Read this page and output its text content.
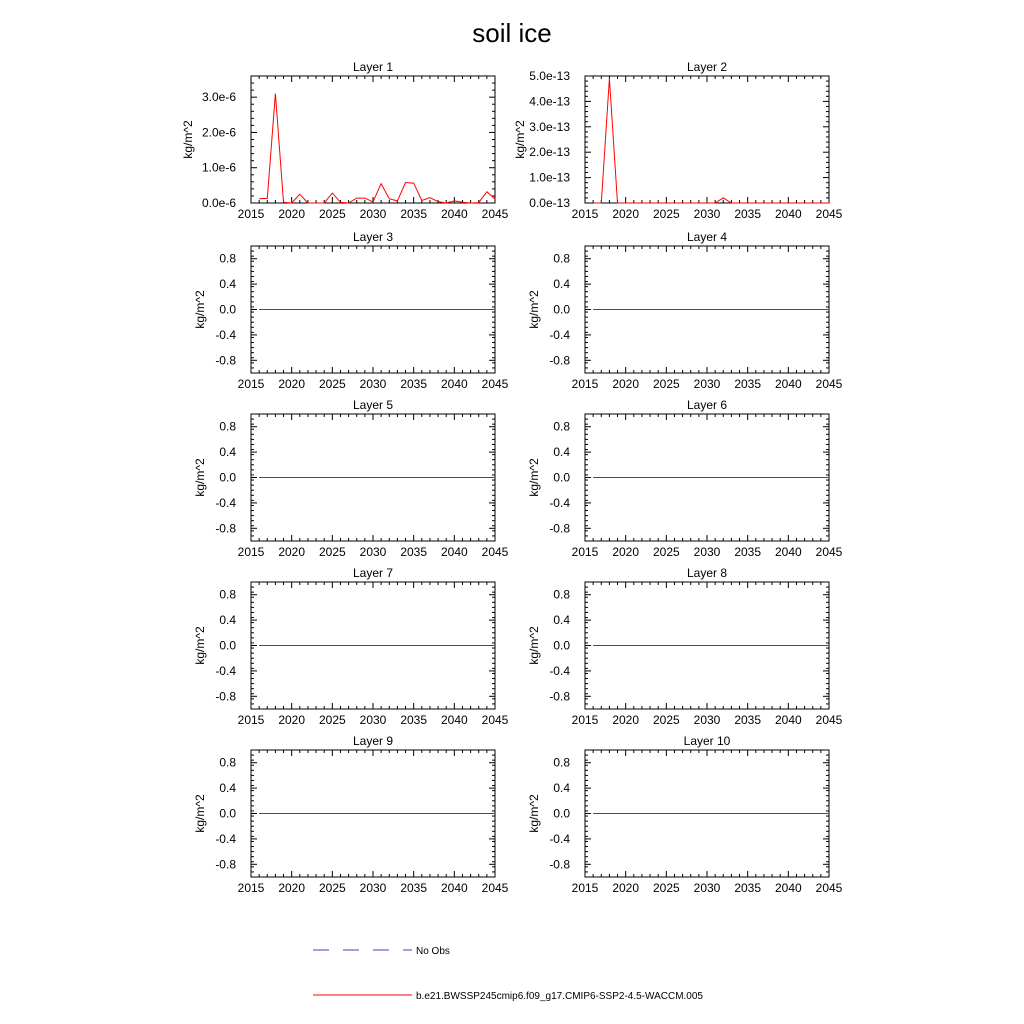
soil ice
Layer 1
2015 2020 2025 2030 2035 2040 2045
0.0e-6
1.0e-6
2.0e-6
3.0e-6
kg/m^2
Layer 2
2015 2020 2025 2030 2035 2040 2045
0.0e-13
1.0e-13
2.0e-13
3.0e-13
4.0e-13
5.0e-13
kg/m^2
Layer 3
2015 2020 2025 2030 2035 2040 2045
-0.8
-0.4
0.0
0.4
0.8
kg/m^2
Layer 4
2015 2020 2025 2030 2035 2040 2045
-0.8
-0.4
0.0
0.4
0.8
kg/m^2
Layer 5
2015 2020 2025 2030 2035 2040 2045
-0.8
-0.4
0.0
0.4
0.8
kg/m^2
Layer 6
2015 2020 2025 2030 2035 2040 2045
-0.8
-0.4
0.0
0.4
0.8
kg/m^2
Layer 7
2015 2020 2025 2030 2035 2040 2045
-0.8
-0.4
0.0
0.4
0.8
kg/m^2
Layer 8
2015 2020 2025 2030 2035 2040 2045
-0.8
-0.4
0.0
0.4
0.8
kg/m^2
Layer 9
2015 2020 2025 2030 2035 2040 2045
-0.8
-0.4
0.0
0.4
0.8
kg/m^2
Layer 10
2015 2020 2025 2030 2035 2040 2045
-0.8
-0.4
0.0
0.4
0.8
kg/m^2
No Obs
b.e21.BWSSP245cmip6.f09_g17.CMIP6-SSP2-4.5-WACCM.005
